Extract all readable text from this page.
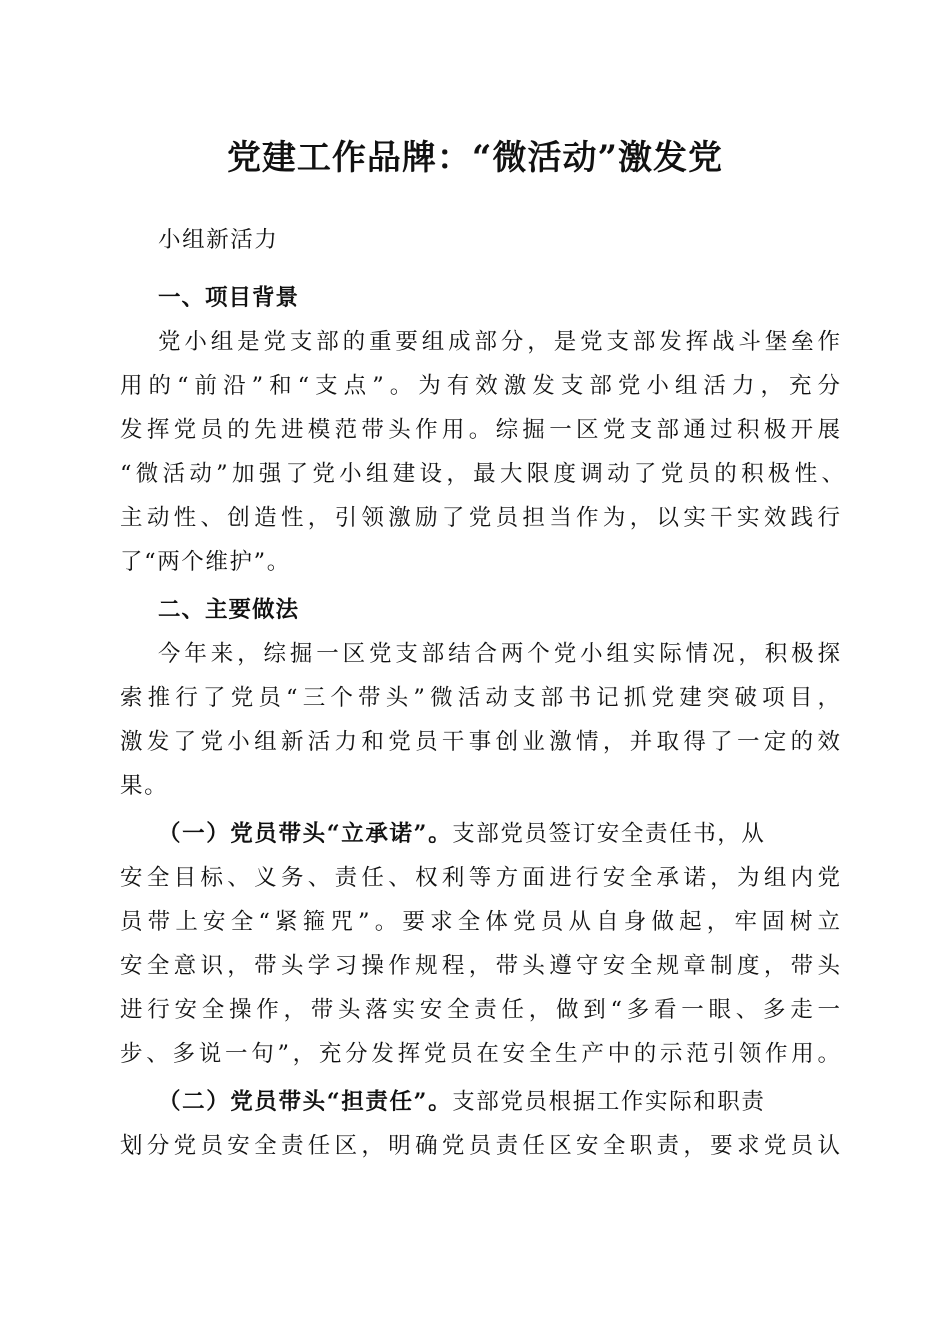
党建工作品牌：“微活动”激发党

小组新活力

一、项目背景

党小组是党支部的重要组成部分，是党支部发挥战斗堡垒作

用的“前沿”和“支点”。为有效激发支部党小组活力，充分

发挥党员的先进模范带头作用。综掘一区党支部通过积极开展

“微活动”加强了党小组建设，最大限度调动了党员的积极性、

主动性、创造性，引领激励了党员担当作为，以实干实效践行

了“两个维护”。

二、主要做法

今年来，综掘一区党支部结合两个党小组实际情况，积极探

索推行了党员“三个带头”微活动支部书记抓党建突破项目，

激发了党小组新活力和党员干事创业激情，并取得了一定的效

果。

（一）党员带头“立承诺”。支部党员签订安全责任书，从

安全目标、义务、责任、权利等方面进行安全承诺，为组内党

员带上安全“紧箍咒”。要求全体党员从自身做起，牢固树立

安全意识，带头学习操作规程，带头遵守安全规章制度，带头

进行安全操作，带头落实安全责任，做到“多看一眼、多走一

步、多说一句”，充分发挥党员在安全生产中的示范引领作用。

（二）党员带头“担责任”。支部党员根据工作实际和职责

划分党员安全责任区，明确党员责任区安全职责，要求党员认
